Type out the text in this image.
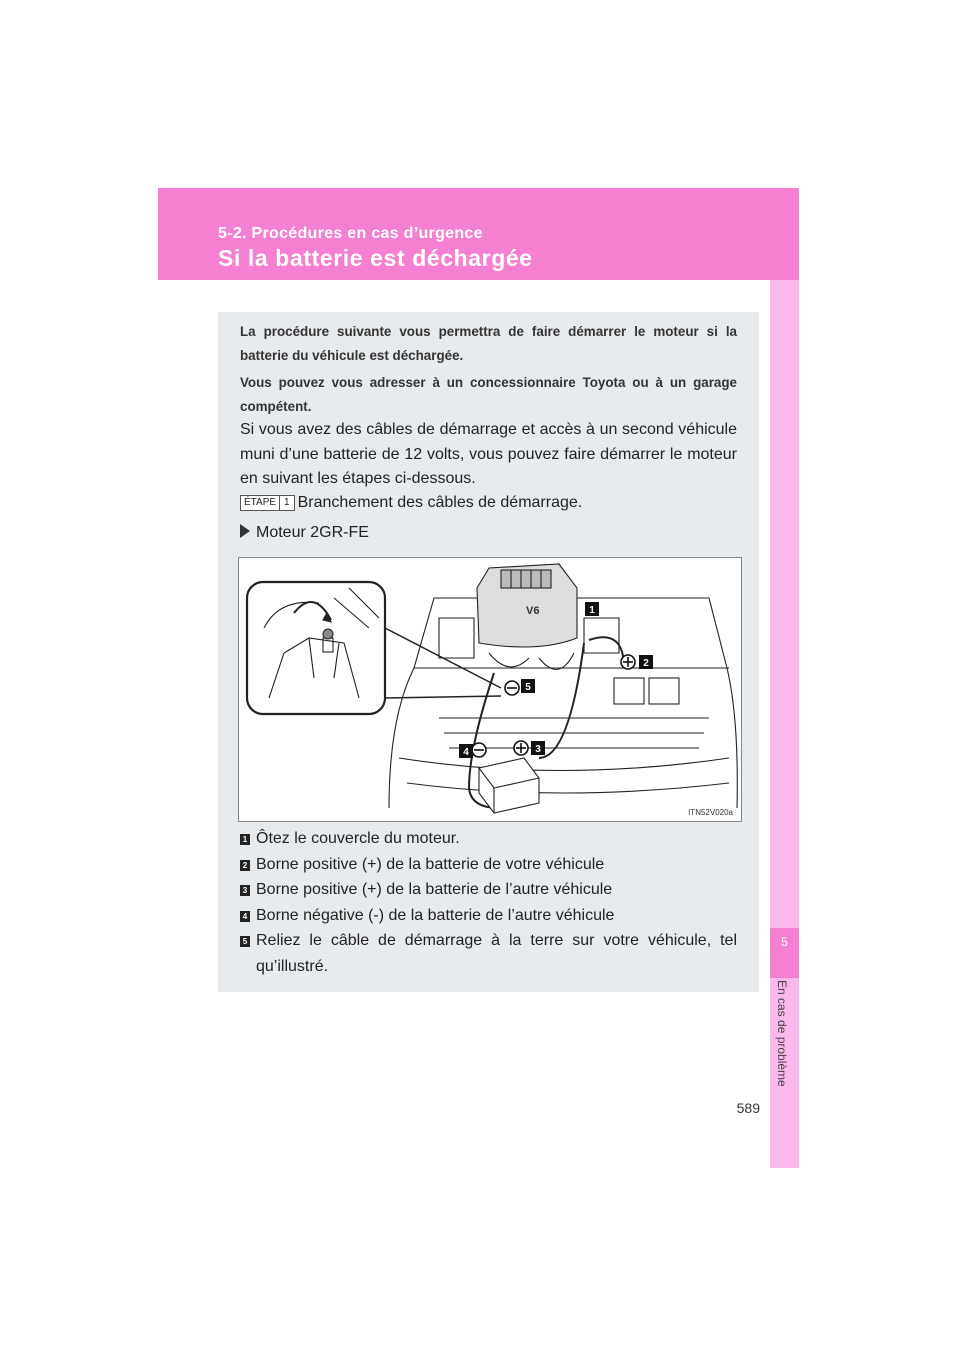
5-2. Procédures en cas d’urgence
Si la batterie est déchargée
5
En cas de problème

La procédure suivante vous permettra de faire démarrer le moteur si la batterie du véhicule est déchargée.

Vous pouvez vous adresser à un concessionnaire Toyota ou à un garage compétent.

Si vous avez des câbles de démarrage et accès à un second véhicule muni d’une batterie de 12 volts, vous pouvez faire démarrer le moteur en suivant les étapes ci-dessous.
ÉTAPE 1 Branchement des câbles de démarrage.
Moteur 2GR-FE
V6	1
2
3
4
5
ITN52V020a
1 Ôtez le couvercle du moteur.
2 Borne positive (+) de la batterie de votre véhicule
3 Borne positive (+) de la batterie de l’autre véhicule
4 Borne négative (-) de la batterie de l’autre véhicule
5 Reliez le câble de démarrage à la terre sur votre véhicule, tel qu’illustré.
589
